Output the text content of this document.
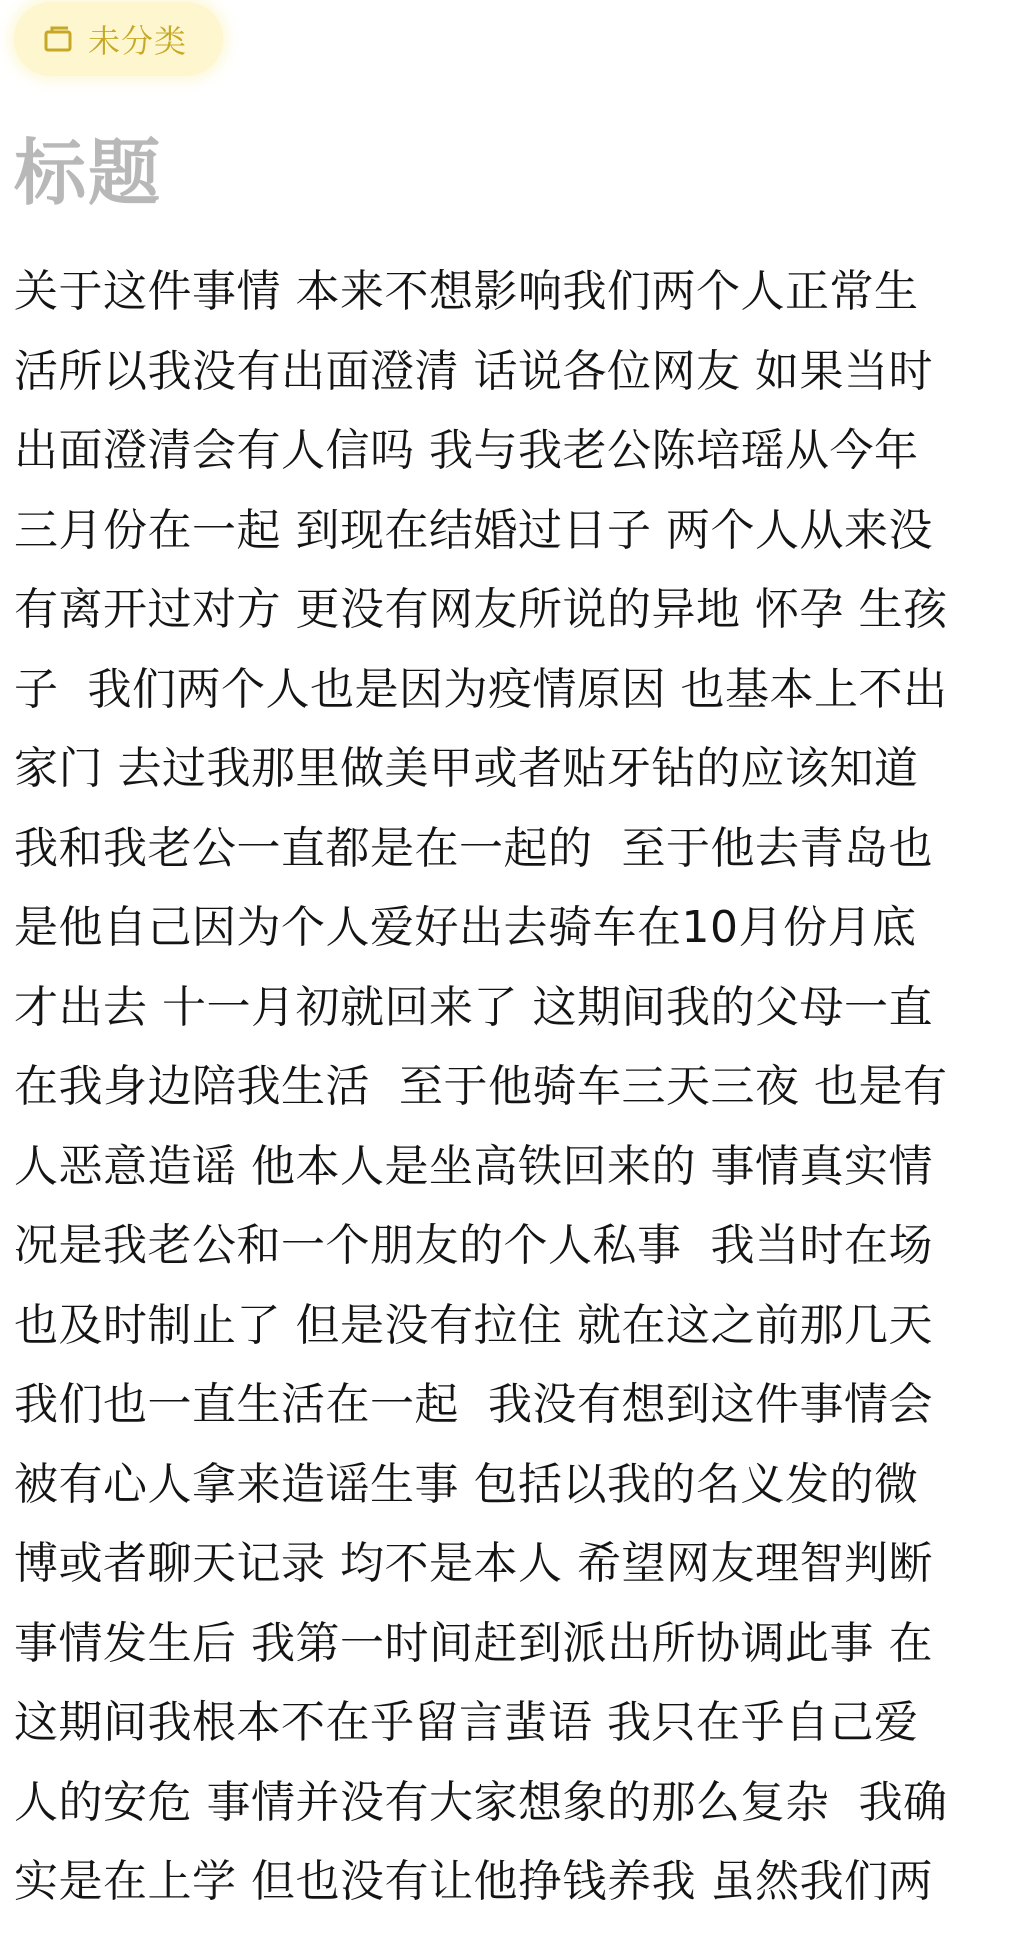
未分类
标题
关于这件事情 本来不想影响我们两个人正常生
活所以我没有出面澄清 话说各位网友 如果当时
出面澄清会有人信吗 我与我老公陈培瑶从今年
三月份在一起 到现在结婚过日子 两个人从来没
有离开过对方 更没有网友所说的异地 怀孕 生孩
子  我们两个人也是因为疫情原因 也基本上不出
家门 去过我那里做美甲或者贴牙钻的应该知道
我和我老公一直都是在一起的  至于他去青岛也
是他自己因为个人爱好出去骑车在10月份月底
才出去 十一月初就回来了 这期间我的父母一直
在我身边陪我生活  至于他骑车三天三夜 也是有
人恶意造谣 他本人是坐高铁回来的 事情真实情
况是我老公和一个朋友的个人私事  我当时在场
也及时制止了 但是没有拉住 就在这之前那几天
我们也一直生活在一起  我没有想到这件事情会
被有心人拿来造谣生事 包括以我的名义发的微
博或者聊天记录 均不是本人 希望网友理智判断
事情发生后 我第一时间赶到派出所协调此事 在
这期间我根本不在乎留言蜚语 我只在乎自己爱
人的安危 事情并没有大家想象的那么复杂  我确
实是在上学 但也没有让他挣钱养我 虽然我们两
